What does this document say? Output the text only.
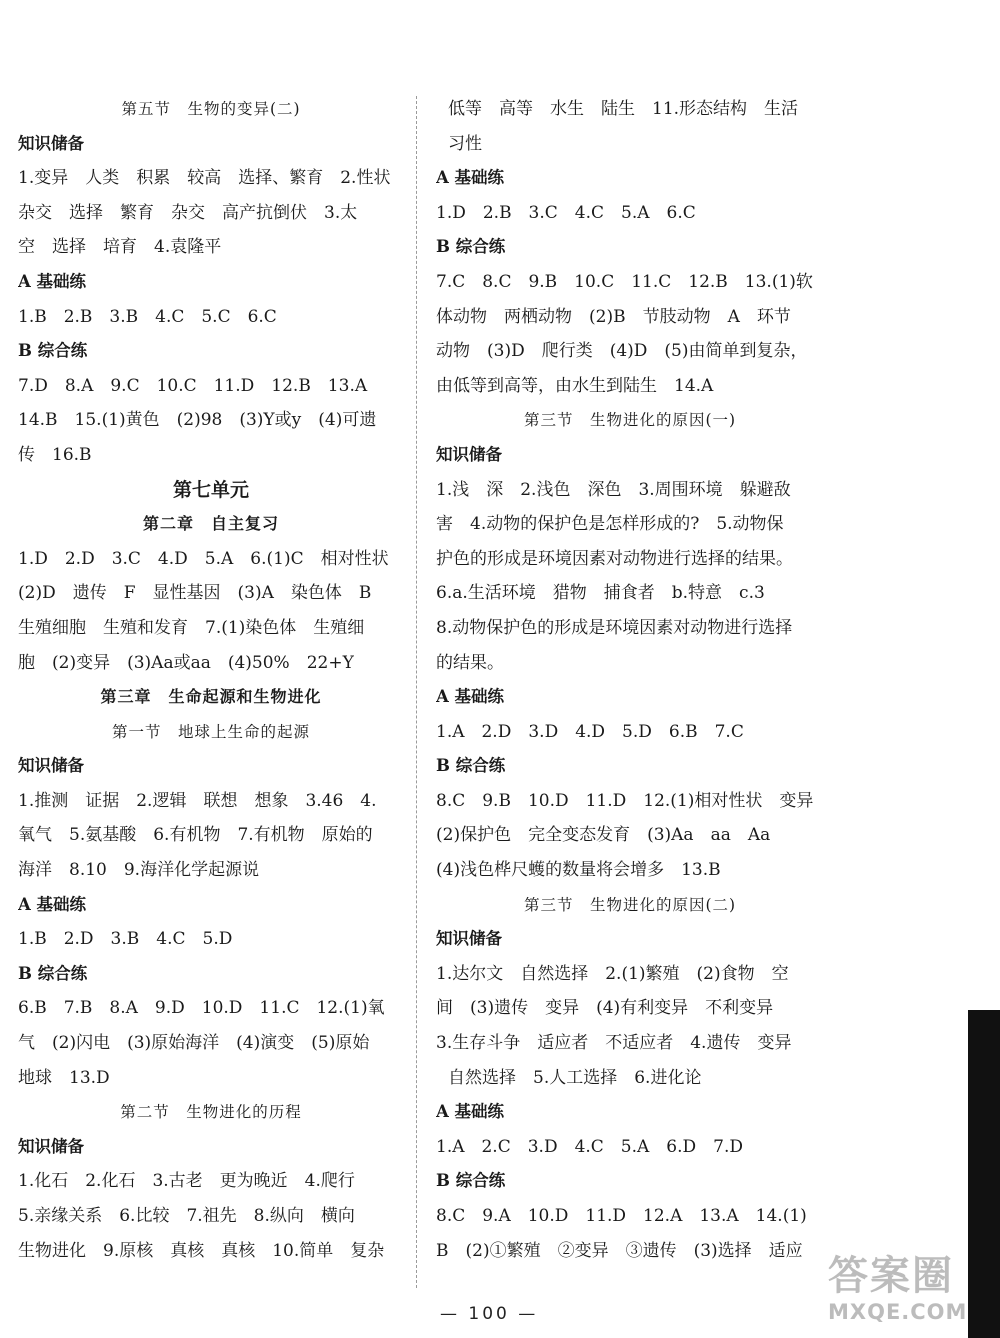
第五节　生物的变异(二)
知识储备
1.变异　人类　积累　较高　选择、繁育　2.性状
杂交　选择　繁育　杂交　高产抗倒伏　3.太
空　选择　培育　4.袁隆平
A 基础练
1.B　2.B　3.B　4.C　5.C　6.C
B 综合练
7.D　8.A　9.C　10.C　11.D　12.B　13.A
14.B　15.(1)黄色　(2)98　(3)Y或y　(4)可遗
传　16.B
第七单元
第二章　自主复习
1.D　2.D　3.C　4.D　5.A　6.(1)C　相对性状
(2)D　遗传　F　显性基因　(3)A　染色体　B
生殖细胞　生殖和发育　7.(1)染色体　生殖细
胞　(2)变异　(3)Aa或aa　(4)50%　22+Y
第三章　生命起源和生物进化
第一节　地球上生命的起源
知识储备
1.推测　证据　2.逻辑　联想　想象　3.46　4.
氧气　5.氨基酸　6.有机物　7.有机物　原始的
海洋　8.10　9.海洋化学起源说
A 基础练
1.B　2.D　3.B　4.C　5.D
B 综合练
6.B　7.B　8.A　9.D　10.D　11.C　12.(1)氧
气　(2)闪电　(3)原始海洋　(4)演变　(5)原始
地球　13.D
第二节　生物进化的历程
知识储备
1.化石　2.化石　3.古老　更为晚近　4.爬行
5.亲缘关系　6.比较　7.祖先　8.纵向　横向
生物进化　9.原核　真核　真核　10.简单　复杂
低等　高等　水生　陆生　11.形态结构　生活
习性
A 基础练
1.D　2.B　3.C　4.C　5.A　6.C
B 综合练
7.C　8.C　9.B　10.C　11.C　12.B　13.(1)软
体动物　两栖动物　(2)B　节肢动物　A　环节
动物　(3)D　爬行类　(4)D　(5)由简单到复杂，
由低等到高等，由水生到陆生　14.A
第三节　生物进化的原因(一)
知识储备
1.浅　深　2.浅色　深色　3.周围环境　躲避敌
害　4.动物的保护色是怎样形成的?　5.动物保
护色的形成是环境因素对动物进行选择的结果。
6.a.生活环境　猎物　捕食者　b.特意　c.3
8.动物保护色的形成是环境因素对动物进行选择
的结果。
A 基础练
1.A　2.D　3.D　4.D　5.D　6.B　7.C
B 综合练
8.C　9.B　10.D　11.D　12.(1)相对性状　变异
(2)保护色　完全变态发育　(3)Aa　aa　Aa
(4)浅色桦尺蠖的数量将会增多　13.B
第三节　生物进化的原因(二)
知识储备
1.达尔文　自然选择　2.(1)繁殖　(2)食物　空
间　(3)遗传　变异　(4)有利变异　不利变异
3.生存斗争　适应者　不适应者　4.遗传　变异
自然选择　5.人工选择　6.进化论
A 基础练
1.A　2.C　3.D　4.C　5.A　6.D　7.D
B 综合练
8.C　9.A　10.D　11.D　12.A　13.A　14.(1)
B　(2)①繁殖　②变异　③遗传　(3)选择　适应
— 100 —
答案圈
MXQE.COM
